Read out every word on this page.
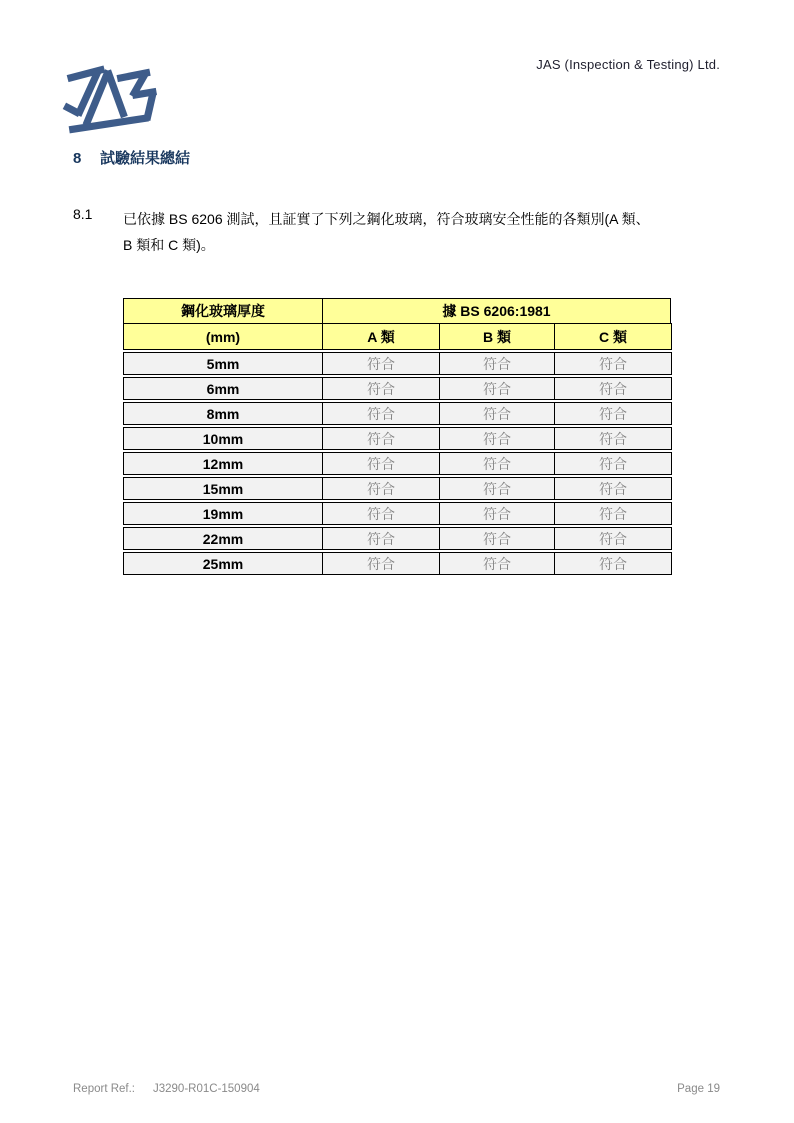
JAS (Inspection & Testing) Ltd.
8 試驗結果總結
8.1 已依據 BS 6206 測試，且証實了下列之鋼化玻璃，符合玻璃安全性能的各類別(A 類、
B 類和 C 類)。
鋼化玻璃厚度	據 BS 6206:1981
(mm)	A 類	B 類	C 類
5mm	符合	符合	符合
6mm	符合	符合	符合
8mm	符合	符合	符合
10mm	符合	符合	符合
12mm	符合	符合	符合
15mm	符合	符合	符合
19mm	符合	符合	符合
22mm	符合	符合	符合
25mm	符合	符合	符合
Report Ref.: J3290-R01C-150904	Page 19
